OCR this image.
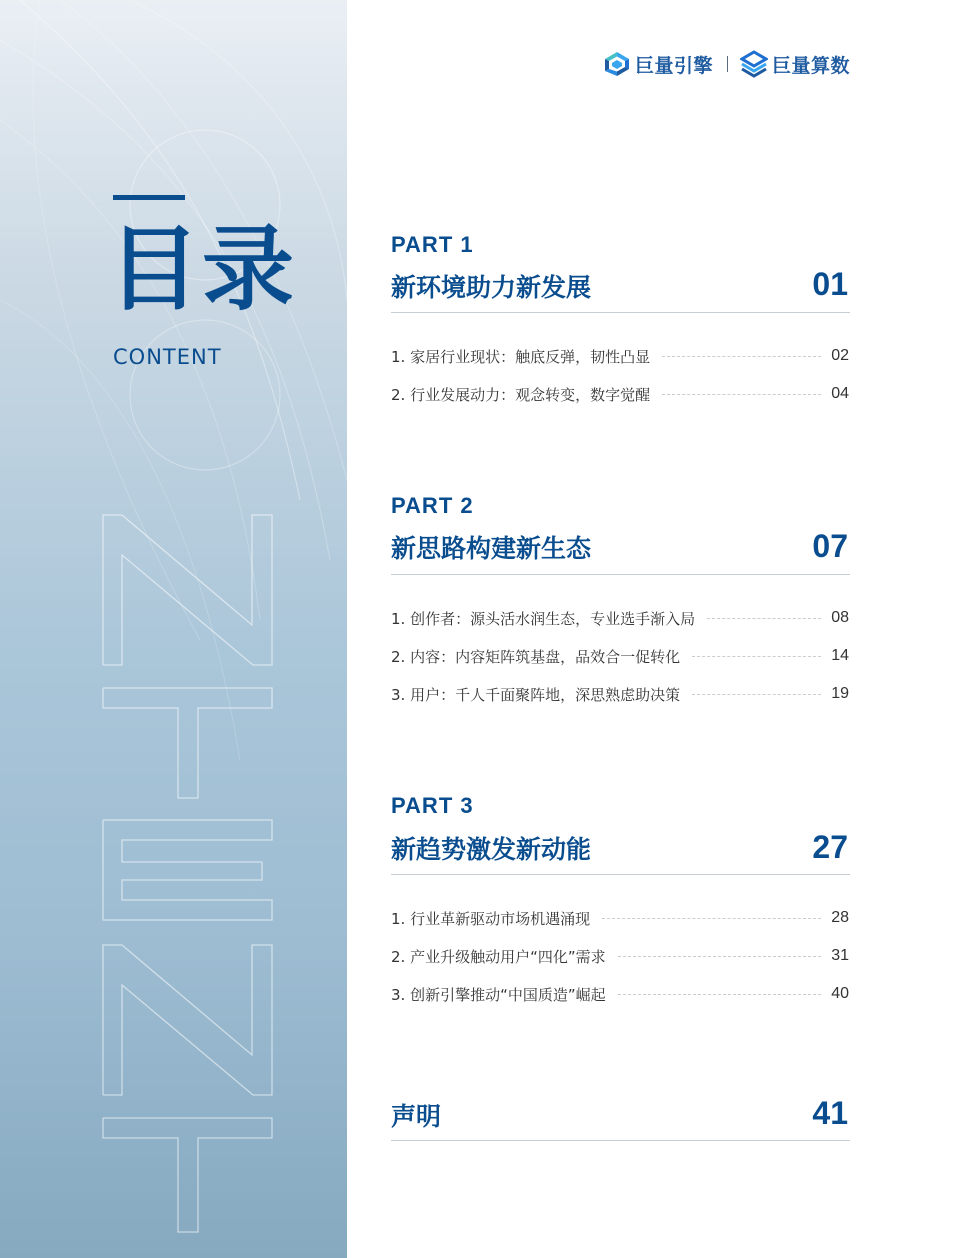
目录
CONTENT
巨量引擎	巨量算数
PART 1
新环境助力新发展	01
1. 家居行业现状：触底反弹，韧性凸显	02
2. 行业发展动力：观念转变，数字觉醒	04
PART 2
新思路构建新生态	07
1. 创作者：源头活水润生态，专业选手渐入局	08
2. 内容：内容矩阵筑基盘，品效合一促转化	14
3. 用户：千人千面聚阵地，深思熟虑助决策	19
PART 3
新趋势激发新动能	27
1. 行业革新驱动市场机遇涌现	28
2. 产业升级触动用户“四化”需求	31
3. 创新引擎推动“中国质造”崛起	40
声明	41
